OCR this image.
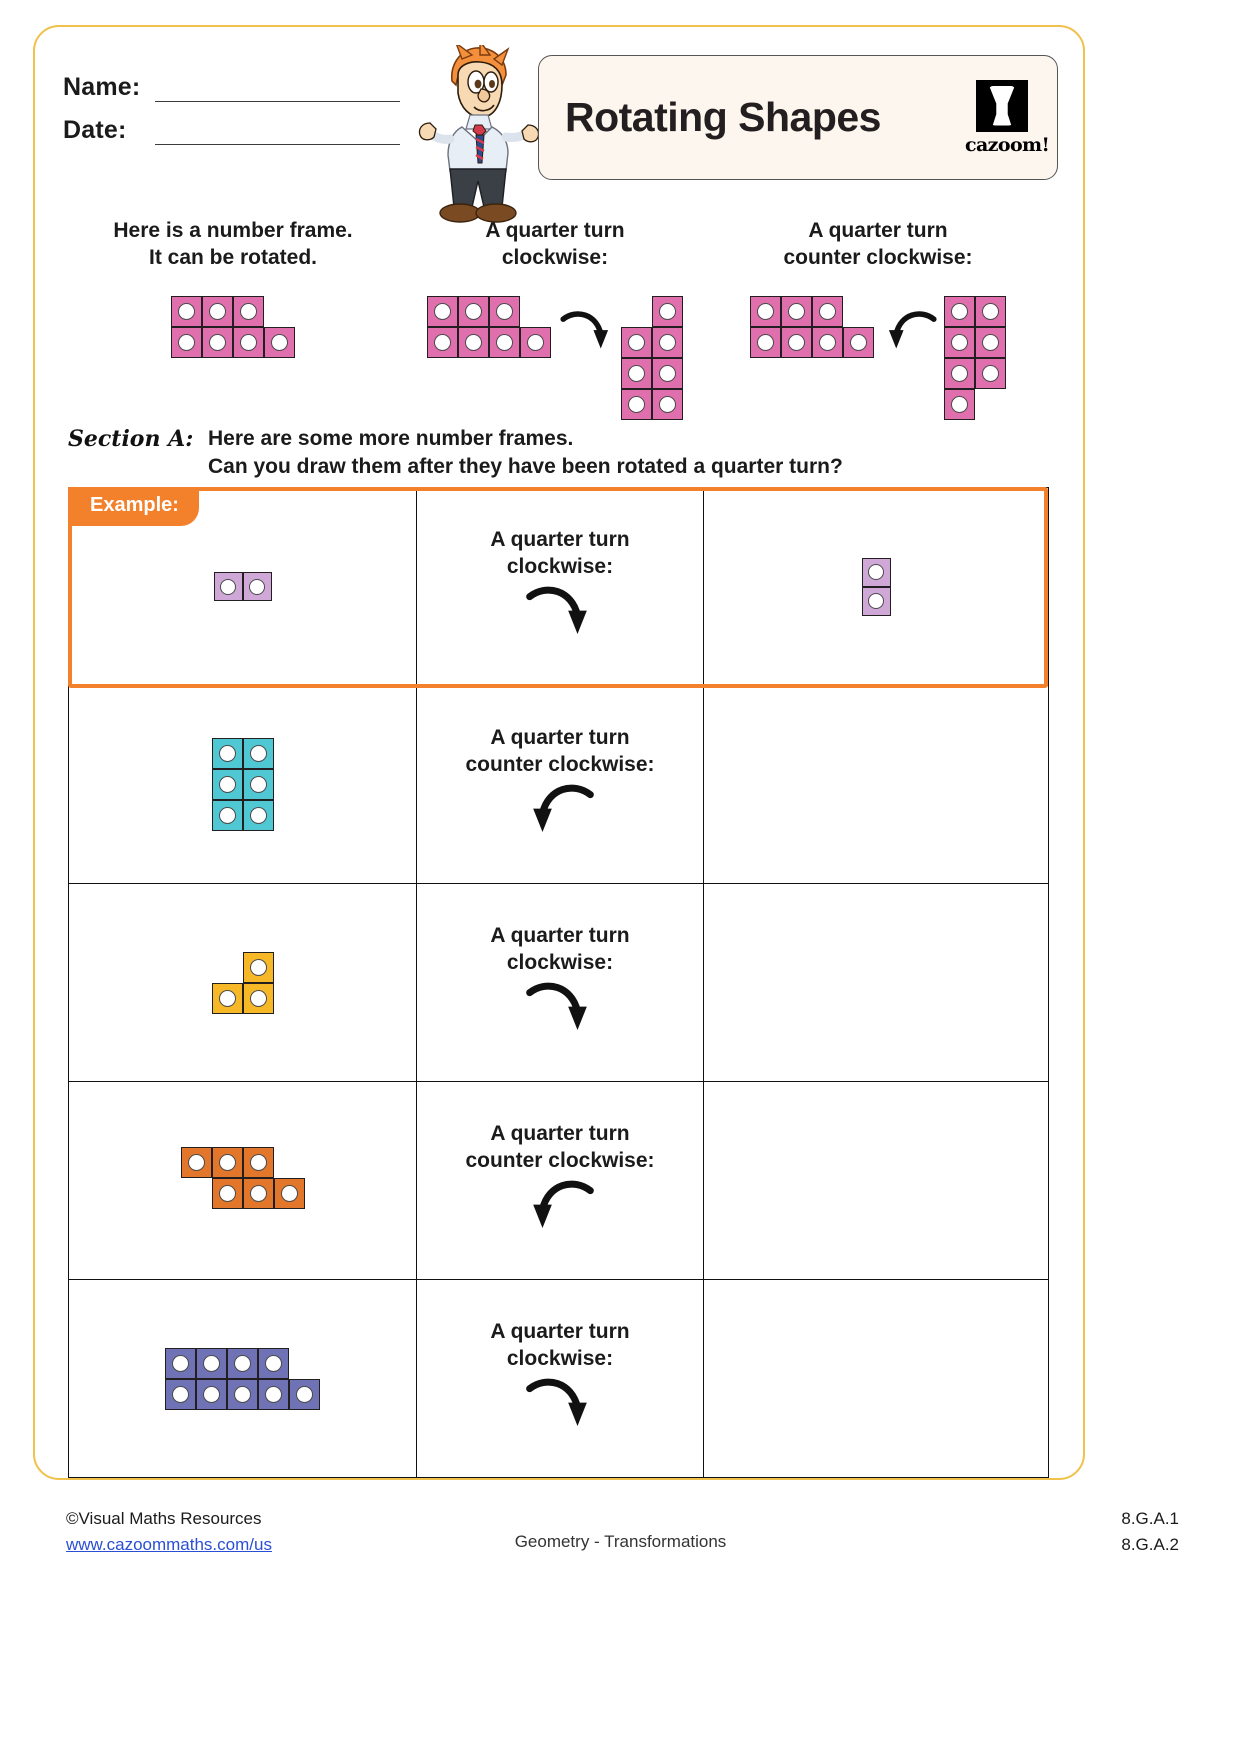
Name:
Date:	Rotating Shapes
cazoom!
Here is a number frame.
It can be rotated.
A quarter turn
clockwise:
A quarter turn
counter clockwise:
Section A: Here are some more number frames.
Can you draw them after they have been rotated a quarter turn?

	A quarter turn
clockwise:	

	A quarter turn
counter clockwise:	

	A quarter turn
clockwise:	

	A quarter turn
counter clockwise:	

	A quarter turn
clockwise:	

Example:
©Visual Maths Resources
www.cazoommaths.com/us	Geometry - Transformations
8.G.A.1
8.G.A.2
